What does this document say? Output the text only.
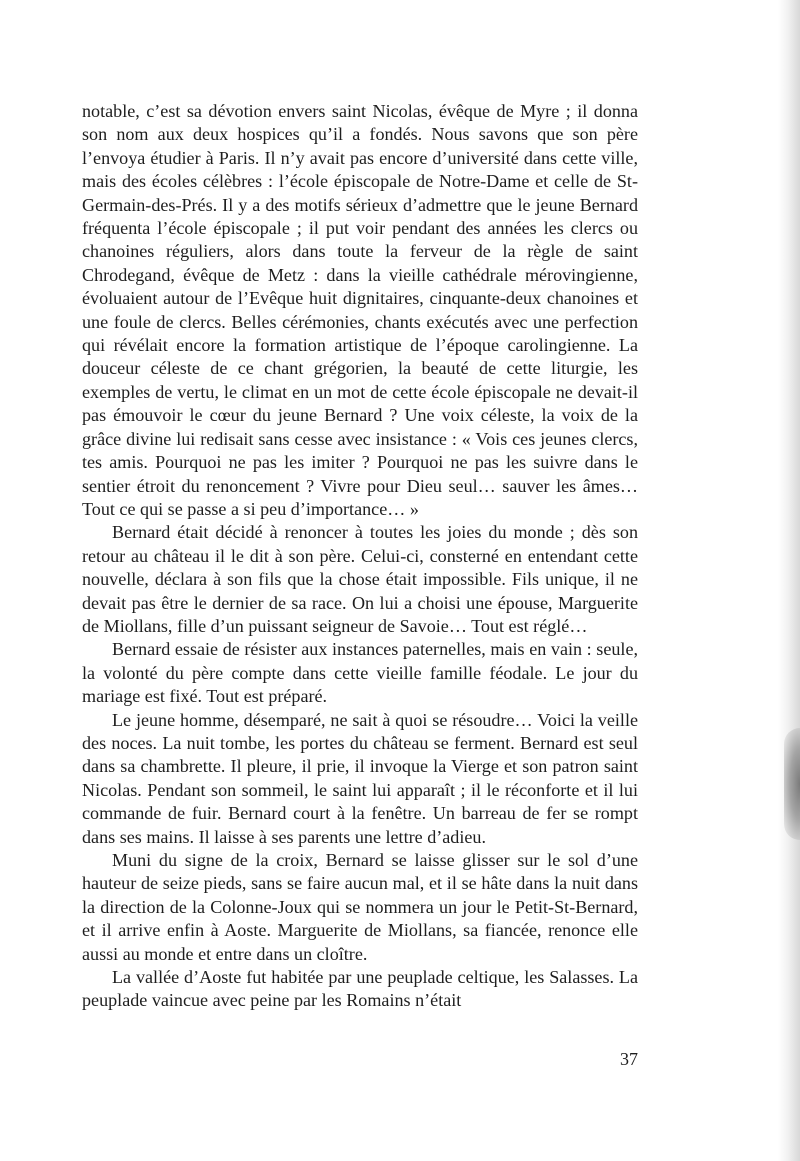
notable, c’est sa dévotion envers saint Nicolas, évêque de Myre ; il donna son nom aux deux hospices qu’il a fondés. Nous savons que son père l’envoya étudier à Paris. Il n’y avait pas encore d’université dans cette ville, mais des écoles célèbres : l’école épiscopale de Notre-Dame et celle de St-Germain-des-Prés. Il y a des motifs sérieux d’admettre que le jeune Bernard fréquenta l’école épiscopale ; il put voir pendant des années les clercs ou chanoines réguliers, alors dans toute la ferveur de la règle de saint Chrodegand, évêque de Metz : dans la vieille cathédrale mérovingienne, évoluaient autour de l’Evêque huit dignitaires, cinquante-deux chanoines et une foule de clercs. Belles cérémonies, chants exécutés avec une perfection qui révélait encore la formation artistique de l’époque carolingienne. La douceur céleste de ce chant grégorien, la beauté de cette liturgie, les exemples de vertu, le climat en un mot de cette école épiscopale ne devait-il pas émouvoir le cœur du jeune Bernard ? Une voix céleste, la voix de la grâce divine lui redisait sans cesse avec insistance : « Vois ces jeunes clercs, tes amis. Pourquoi ne pas les imiter ? Pourquoi ne pas les suivre dans le sentier étroit du renoncement ? Vivre pour Dieu seul… sauver les âmes… Tout ce qui se passe a si peu d’importance… »

Bernard était décidé à renoncer à toutes les joies du monde ; dès son retour au château il le dit à son père. Celui-ci, consterné en entendant cette nouvelle, déclara à son fils que la chose était impossible. Fils unique, il ne devait pas être le dernier de sa race. On lui a choisi une épouse, Marguerite de Miollans, fille d’un puissant seigneur de Savoie… Tout est réglé…

Bernard essaie de résister aux instances paternelles, mais en vain : seule, la volonté du père compte dans cette vieille famille féodale. Le jour du mariage est fixé. Tout est préparé.

Le jeune homme, désemparé, ne sait à quoi se résoudre… Voici la veille des noces. La nuit tombe, les portes du château se ferment. Bernard est seul dans sa chambrette. Il pleure, il prie, il invoque la Vierge et son patron saint Nicolas. Pendant son sommeil, le saint lui apparaît ; il le réconforte et il lui commande de fuir. Bernard court à la fenêtre. Un barreau de fer se rompt dans ses mains. Il laisse à ses parents une lettre d’adieu.

Muni du signe de la croix, Bernard se laisse glisser sur le sol d’une hauteur de seize pieds, sans se faire aucun mal, et il se hâte dans la nuit dans la direction de la Colonne-Joux qui se nommera un jour le Petit-St-Bernard, et il arrive enfin à Aoste. Marguerite de Miollans, sa fiancée, renonce elle aussi au monde et entre dans un cloître.

La vallée d’Aoste fut habitée par une peuplade celtique, les Salasses. La peuplade vaincue avec peine par les Romains n’était

37
